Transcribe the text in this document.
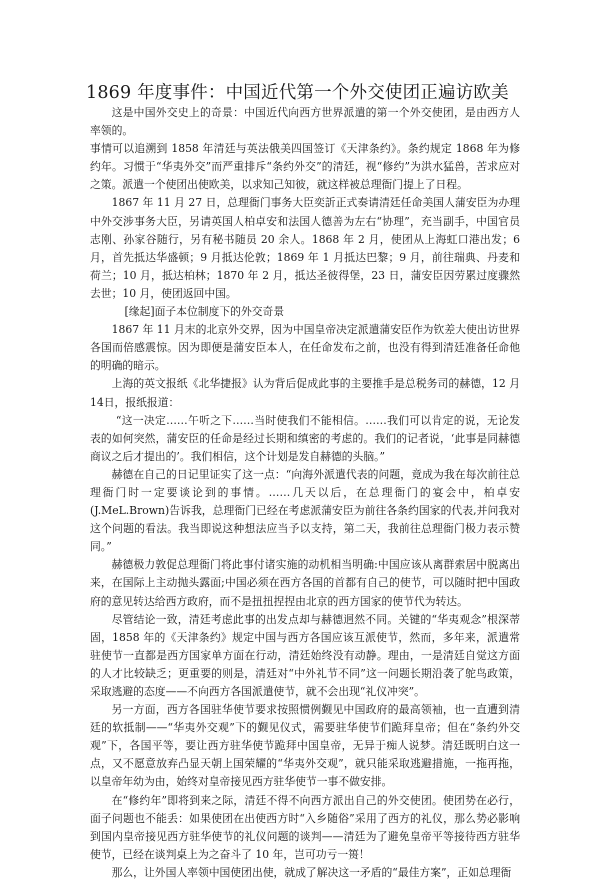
1869 年度事件：中国近代第一个外交使团正遍访欧美

这是中国外交史上的奇景：中国近代向西方世界派遣的第一个外交使团，是由西方人率领的。

事情可以追溯到 1858 年清廷与英法俄美四国签订《天津条约》。条约规定 1868 年为修约年。习惯于“华夷外交”而严重排斥“条约外交”的清廷，视“修约”为洪水猛兽，苦求应对之策。派遣一个使团出使欧美，以求知己知彼，就这样被总理衙门提上了日程。

1867 年 11 月 27 日，总理衙门事务大臣奕訢正式奏请清廷任命美国人蒲安臣为办理中外交涉事务大臣，另请英国人柏卓安和法国人德善为左右“协理”，充当副手，中国官员志刚、孙家谷随行，另有秘书随员 20 余人。1868 年 2 月，使团从上海虹口港出发；6 月，首先抵达华盛顿；9 月抵达伦敦；1869 年 1 月抵达巴黎；9 月，前往瑞典、丹麦和荷兰；10 月，抵达柏林；1870 年 2 月，抵达圣彼得堡，23 日，蒲安臣因劳累过度骤然去世；10 月，使团返回中国。

[缘起]面子本位制度下的外交奇景

1867 年 11 月末的北京外交界，因为中国皇帝决定派遣蒲安臣作为钦差大使出访世界各国而倍感震惊。因为即便是蒲安臣本人，在任命发布之前，也没有得到清廷准备任命他的明确的暗示。

上海的英文报纸《北华捷报》认为背后促成此事的主要推手是总税务司的赫德，12 月 14日，报纸报道：

“这一决定……午听之下……当时使我们不能相信。……我们可以肯定的说，无论发表的如何突然，蒲安臣的任命是经过长期和缜密的考虑的。我们的记者说，‘此事是同赫德商议之后才提出的’。我们相信，这个计划是发自赫德的头脑。”

赫德在自己的日记里证实了这一点：“向海外派遣代表的问题，竟成为我在每次前往总理衙门时一定要谈论到的事情。……几天以后，在总理衙门的宴会中，柏卓安(J.MeL.Brown)告诉我，总理衙门已经在考虑派蒲安臣为前往各条约国家的代表,并问我对这个问题的看法。我当即说这种想法应当予以支持，第二天，我前往总理衙门极力表示赞同。”

赫德极力敦促总理衙门将此事付诸实施的动机相当明确:中国应该从离群索居中脱离出来，在国际上主动抛头露面;中国必须在西方各国的首都有自己的使节，可以随时把中国政府的意见转达给西方政府，而不是扭扭捏捏由北京的西方国家的使节代为转达。

尽管结论一致，清廷考虑此事的出发点却与赫德迥然不同。关键的“华夷观念”根深蒂固，1858 年的《天津条约》规定中国与西方各国应该互派使节，然而，多年来，派遣常驻使节一直都是西方国家单方面在行动，清廷始终没有动静。理由，一是清廷自觉这方面的人才比较缺乏；更重要的则是，清廷对“中外礼节不同”这一问题长期沿袭了鸵鸟政策，采取逃避的态度——不向西方各国派遣使节，就不会出现“礼仪冲突”。

另一方面，西方各国驻华使节要求按照惯例觐见中国政府的最高领袖，也一直遭到清廷的软抵制——“华夷外交观”下的觐见仪式，需要驻华使节们跪拜皇帝；但在“条约外交观”下，各国平等，要让西方驻华使节跪拜中国皇帝，无异于痴人说梦。清廷既明白这一点，又不愿意放弃凸显天朝上国荣耀的“华夷外交观”，就只能采取逃避措施，一拖再拖，以皇帝年幼为由，始终对皇帝接见西方驻华使节一事不做安排。

在“修约年”即将到来之际，清廷不得不向西方派出自己的外交使团。使团势在必行，面子问题也不能丢：如果使团在出使西方时“入乡随俗”采用了西方的礼仪，那么势必影响到国内皇帝接见西方驻华使节的礼仪问题的谈判——清廷为了避免皇帝平等接待西方驻华使节，已经在谈判桌上为之奋斗了 10 年，岂可功亏一篑！

那么，让外国人率领中国使团出使，就成了解决这一矛盾的“最佳方案”，正如总理衙
